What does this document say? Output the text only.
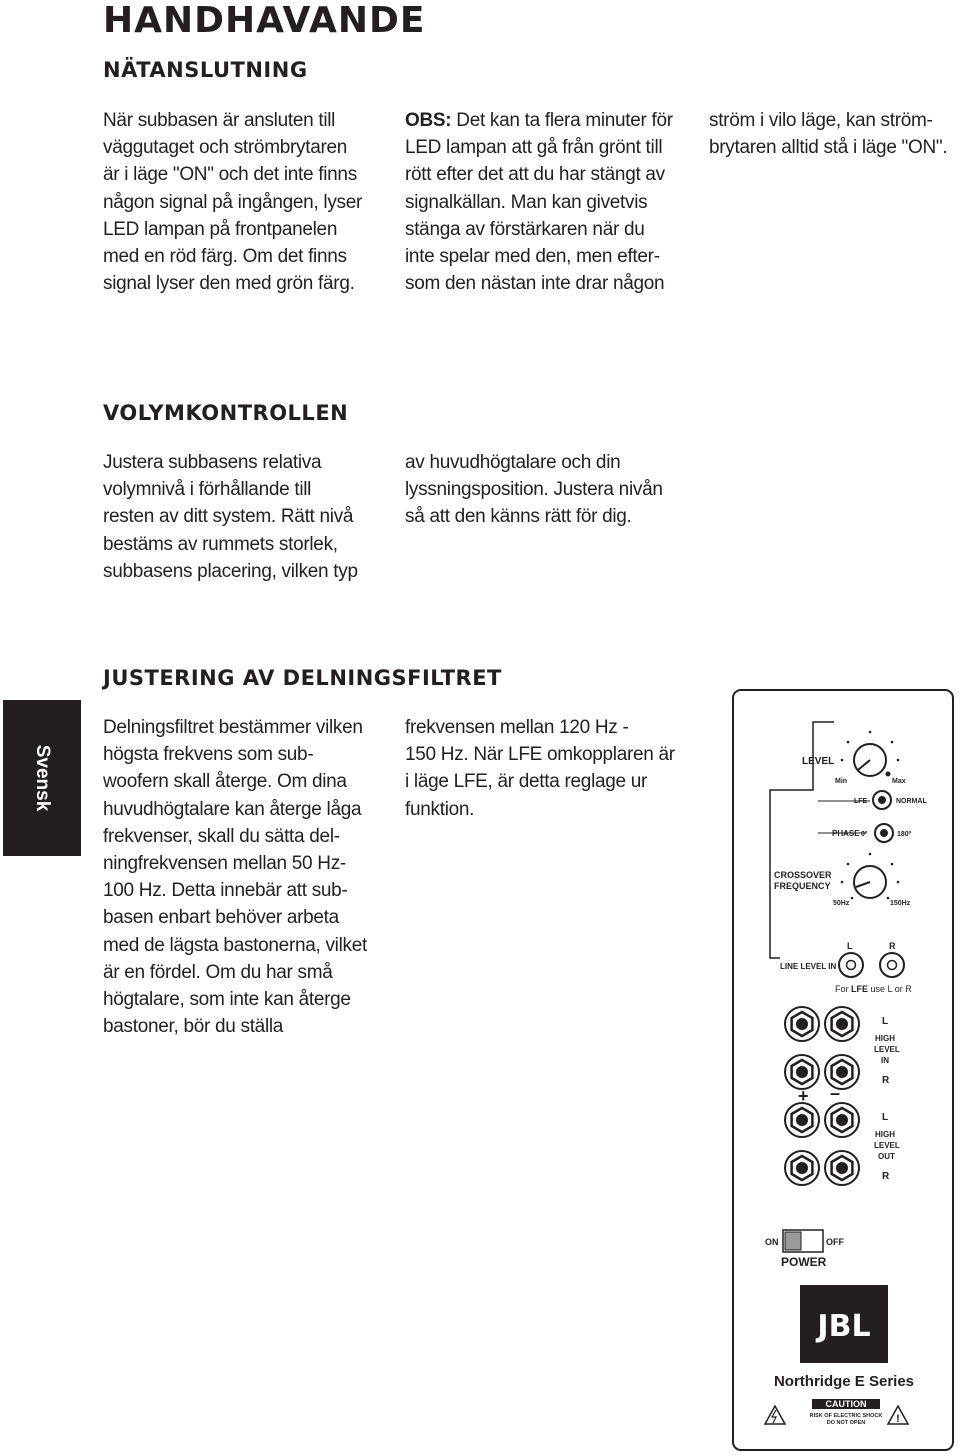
HANDHAVANDE
NÄTANSLUTNING

När subbasen är ansluten till
väggutaget och strömbrytaren
är i läge "ON" och det inte finns
någon signal på ingången, lyser
LED lampan på frontpanelen
med en röd färg. Om det finns
signal lyser den med grön färg.

OBS: Det kan ta flera minuter för
LED lampan att gå från grönt till
rött efter det att du har stängt av
signalkällan. Man kan givetvis
stänga av förstärkaren när du
inte spelar med den, men efter-
som den nästan inte drar någon

ström i vilo läge, kan ström-
brytaren alltid stå i läge "ON".

VOLYMKONTROLLEN

Justera subbasens relativa
volymnivå i förhållande till
resten av ditt system. Rätt nivå
bestäms av rummets storlek,
subbasens placering, vilken typ

av huvudhögtalare och din
lyssningsposition. Justera nivån
så att den känns rätt för dig.

JUSTERING AV DELNINGSFILTRET

Delningsfiltret bestämmer vilken
högsta frekvens som sub-
woofern skall återge. Om dina
huvudhögtalare kan återge låga
frekvenser, skall du sätta del-
ningfrekvensen mellan 50 Hz-
100 Hz. Detta innebär att sub-
basen enbart behöver arbeta
med de lägsta bastonerna, vilket
är en fördel. Om du har små
högtalare, som inte kan återge
bastoner, bör du ställa

frekvensen mellan 120 Hz -
150 Hz. När LFE omkopplaren är
i läge LFE, är detta reglage ur
funktion.

Svensk	LEVEL
Min	Max
LFE	NORMAL
PHASE 0º	180º
CROSSOVER
FREQUENCY
50Hz	150Hz
L	R
LINE LEVEL IN
For LFE use L or R
+ –
L
HIGH
LEVEL
IN
R
L
HIGH
LEVEL
OUT
R
ON	OFF
POWER
JBL
Northridge E Series
CAUTION
RISK OF ELECTRIC SHOCK
DO NOT OPEN	!
